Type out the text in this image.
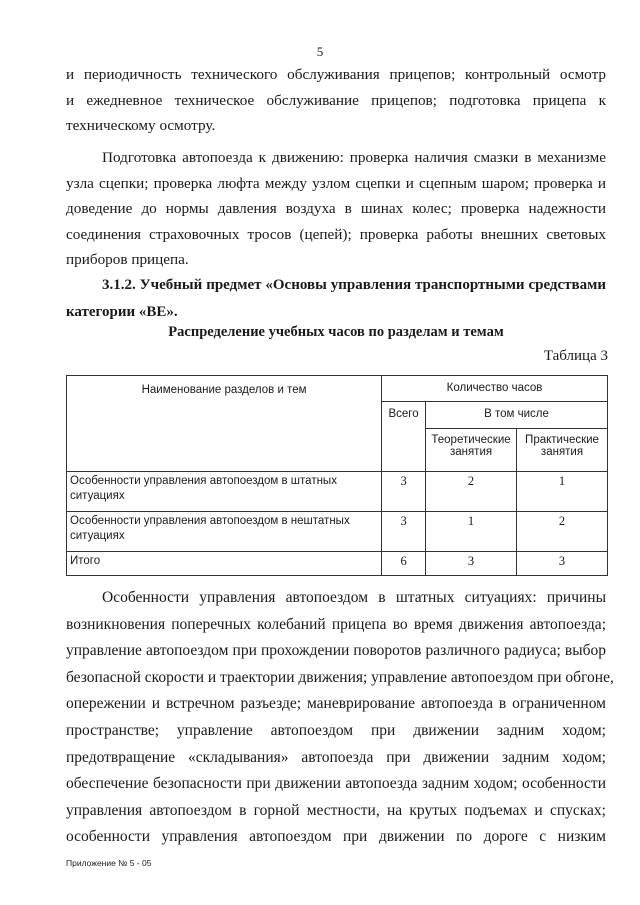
5
и периодичность технического обслуживания прицепов; контрольный осмотр
и ежедневное техническое обслуживание прицепов; подготовка прицепа к
техническому осмотру.
Подготовка автопоезда к движению: проверка наличия смазки в механизме
узла сцепки; проверка люфта между узлом сцепки и сцепным шаром; проверка и
доведение до нормы давления воздуха в шинах колес; проверка надежности
соединения страховочных тросов (цепей); проверка работы внешних световых
приборов прицепа.
3.1.2. Учебный предмет «Основы управления транспортными средствами
категории «BE».
Распределение учебных часов по разделам и темам
Таблица 3
Наименование разделов и тем	Количество часов		
	Всего	В том числе	
		Теоретические занятия	Практические занятия
Особенности управления автопоездом в штатных ситуациях	3	2	1
Особенности управления автопоездом в нештатных ситуациях	3	1	2
Итого	6	3	3
Особенности управления автопоездом в штатных ситуациях: причины
возникновения поперечных колебаний прицепа во время движения автопоезда;
управление автопоездом при прохождении поворотов различного радиуса; выбор
безопасной скорости и траектории движения; управление автопоездом при обгоне,
опережении и встречном разъезде; маневрирование автопоезда в ограниченном
пространстве; управление автопоездом при движении задним ходом;
предотвращение «складывания» автопоезда при движении задним ходом;
обеспечение безопасности при движении автопоезда задним ходом; особенности
управления автопоездом в горной местности, на крутых подъемах и спусках;
особенности управления автопоездом при движении по дороге с низким
Приложение № 5 - 05
